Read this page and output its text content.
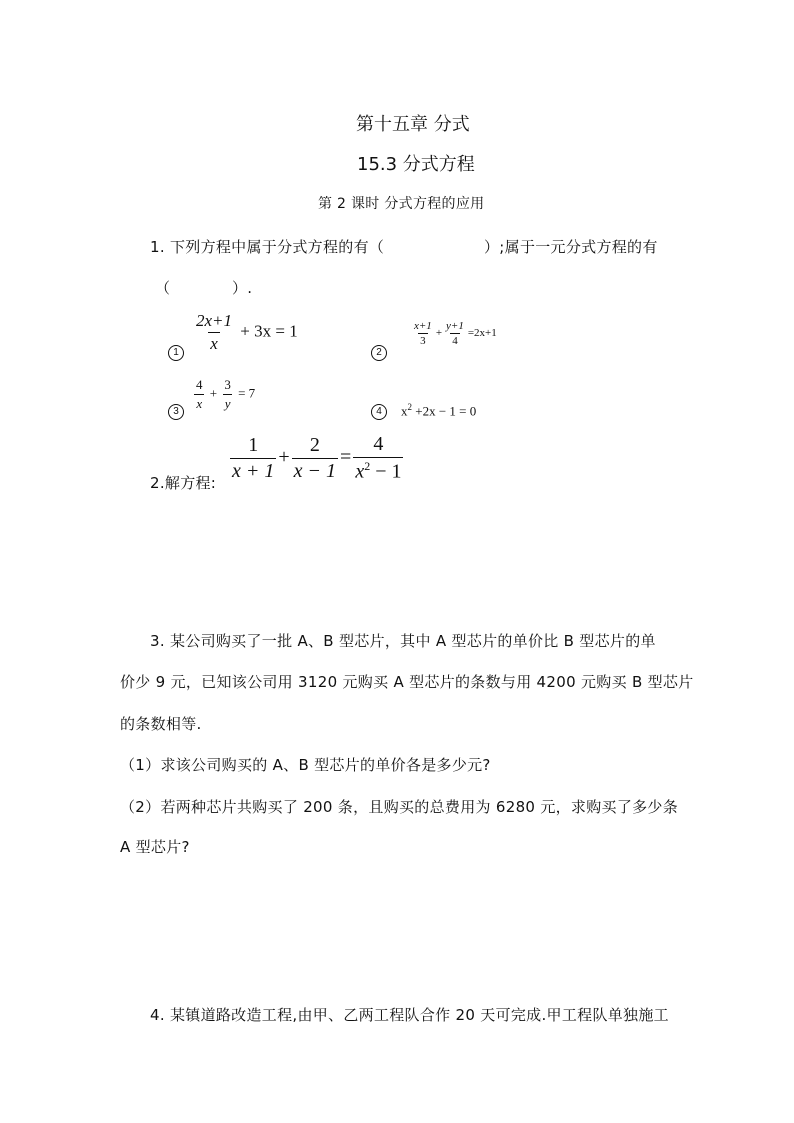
第十五章 分式
15.3 分式方程
第 2 课时 分式方程的应用
1. 下列方程中属于分式方程的有（	）;属于一元分式方程的有
（	）.
1	2
3	4
$\frac{2x+1}{x} + 3x = 1$	$\frac{x+1}{3} + \frac{y+1}{4} =2x+1$
$\frac{4}{x} + \frac{3}{y} = 7$
$x^2 +2x - 1 = 0$
2.解方程:
$\frac{1}{x + 1} + \frac{2}{x - 1} = \frac{4}{x^2 - 1}$
3. 某公司购买了一批 A、B 型芯片，其中 A 型芯片的单价比 B 型芯片的单
价少 9 元，已知该公司用 3120 元购买 A 型芯片的条数与用 4200 元购买 B 型芯片
的条数相等.
（1）求该公司购买的 A、B 型芯片的单价各是多少元?
（2）若两种芯片共购买了 200 条，且购买的总费用为 6280 元，求购买了多少条
A 型芯片?
4. 某镇道路改造工程,由甲、乙两工程队合作 20 天可完成.甲工程队单独施工
